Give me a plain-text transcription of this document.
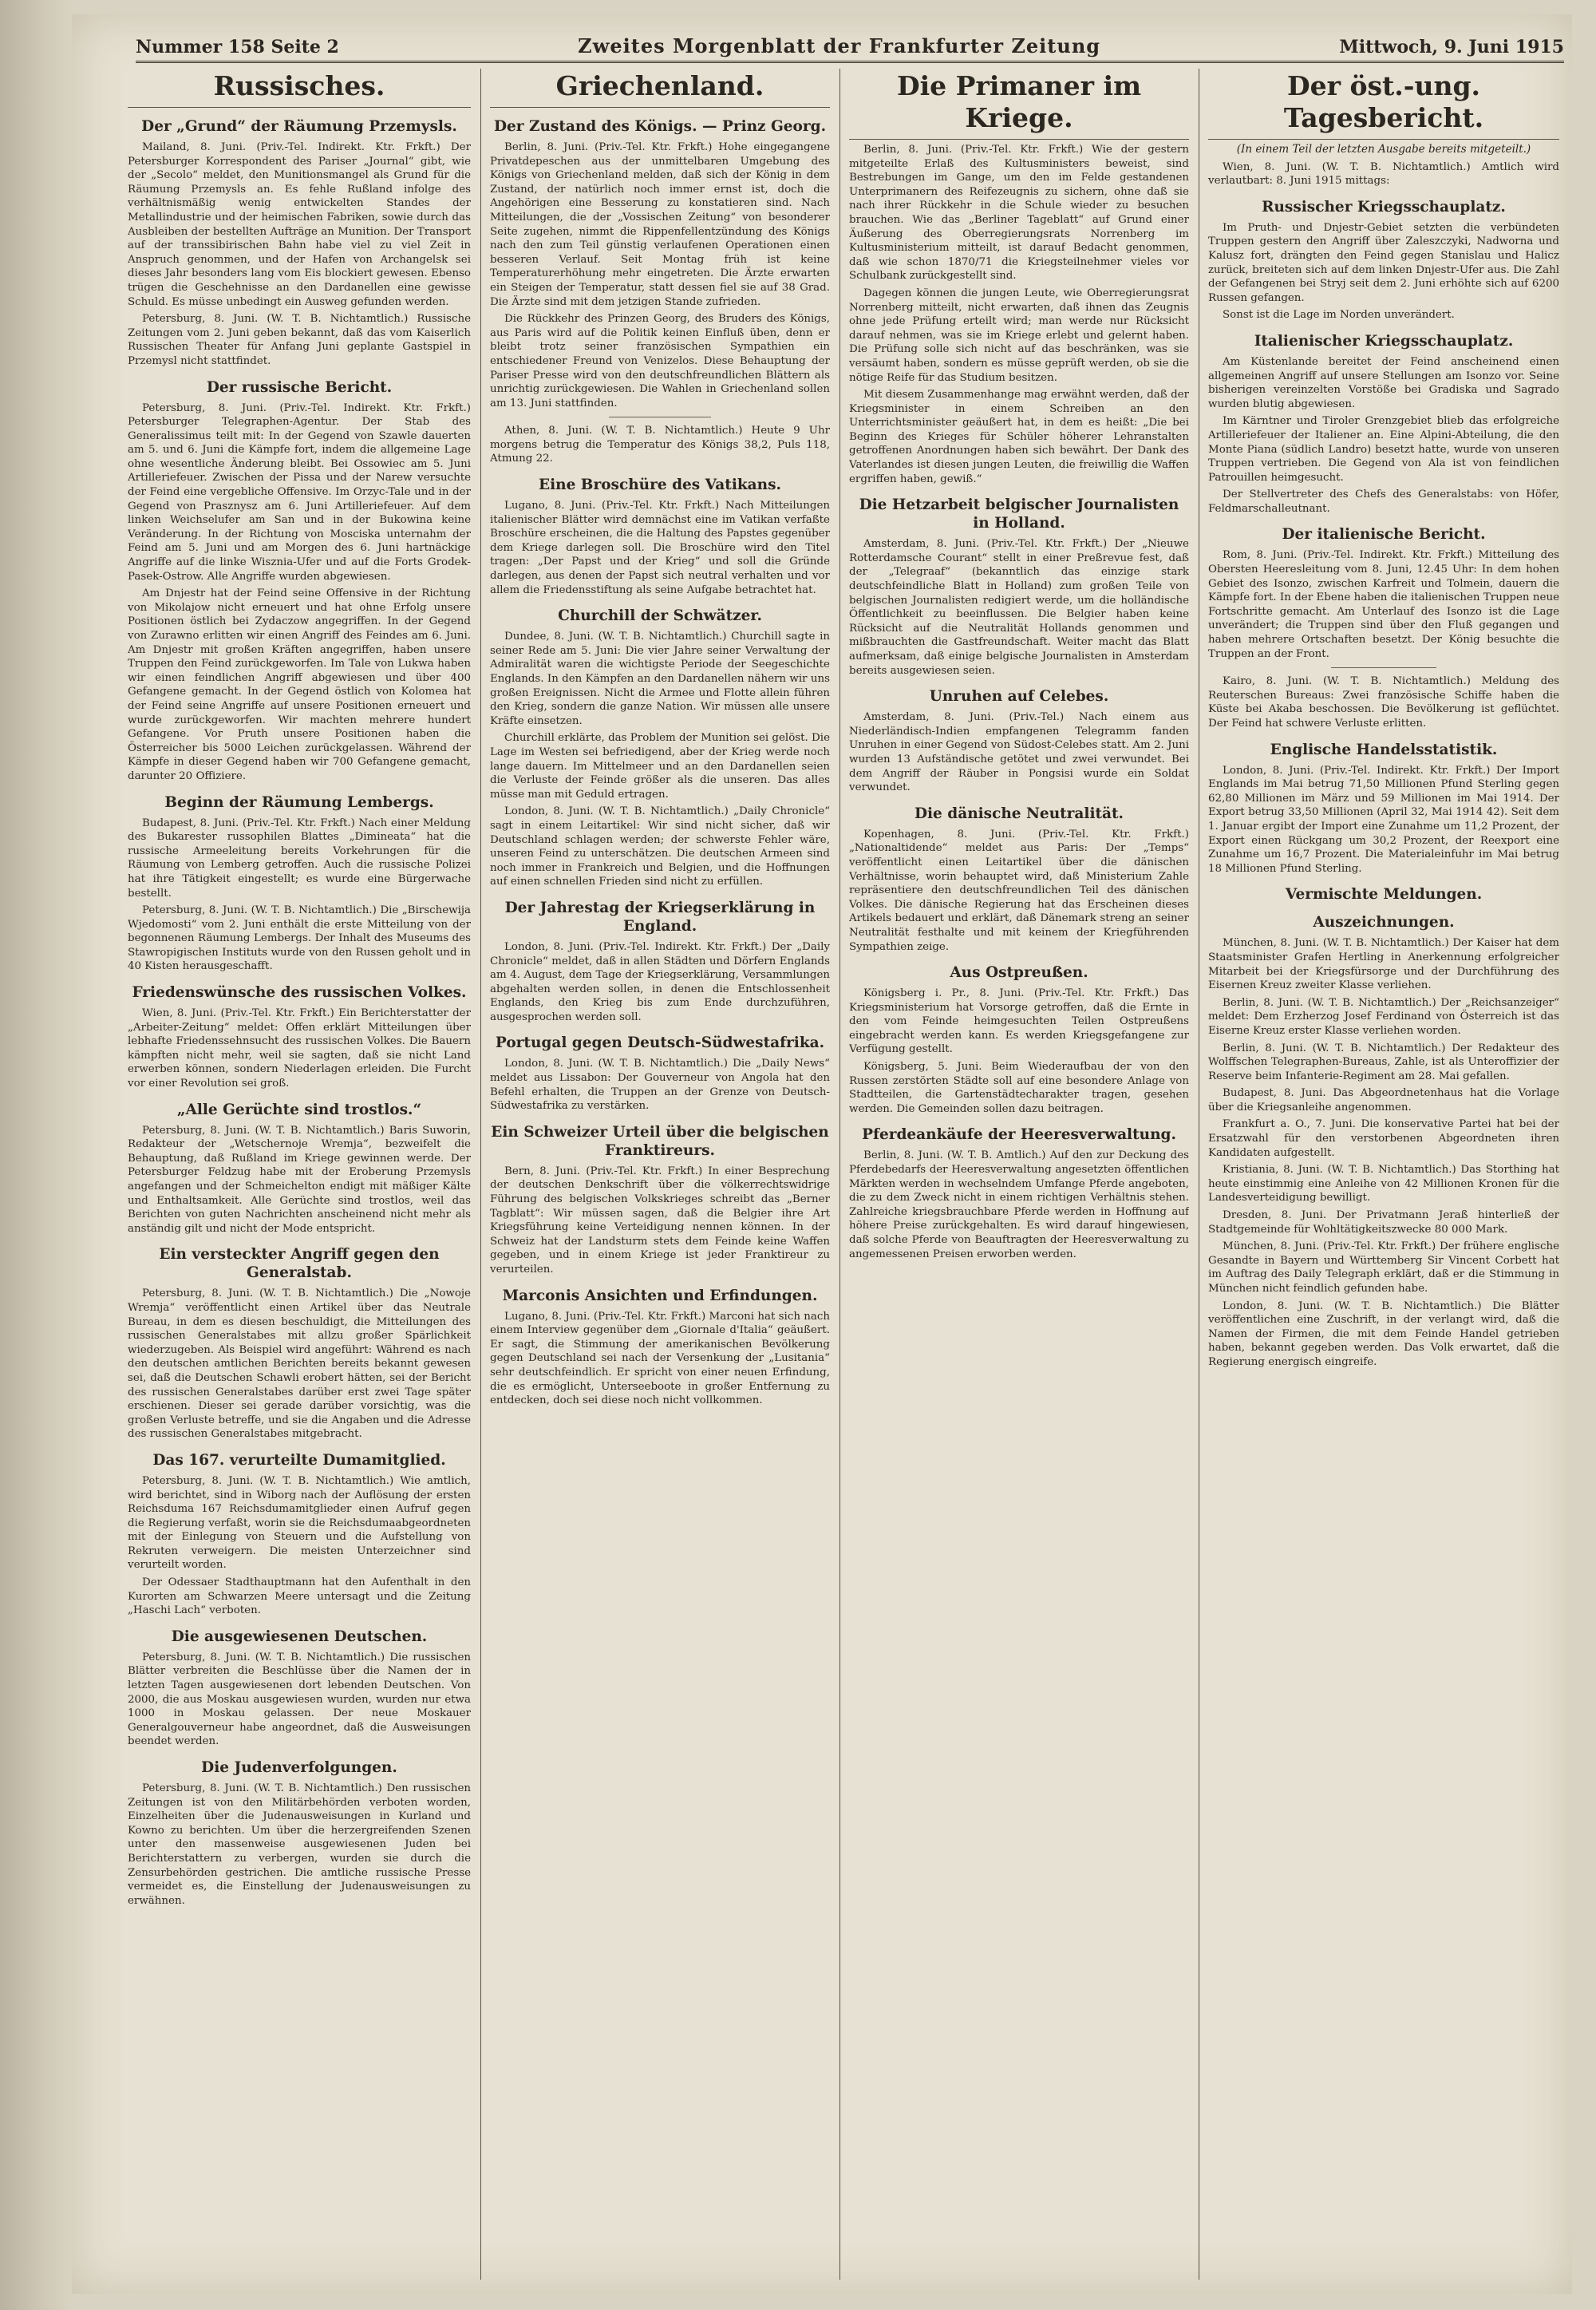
Nummer 158 Seite 2	Zweites Morgenblatt der Frankfurter Zeitung	Mittwoch, 9. Juni 1915
Russisches.
Der „Grund“ der Räumung Przemysls.

Mailand, 8. Juni. (Priv.-Tel. Indirekt. Ktr. Frkft.) Der Petersburger Korrespondent des Pariser „Journal“ gibt, wie der „Secolo“ meldet, den Munitionsmangel als Grund für die Räumung Przemysls an. Es fehle Rußland infolge des verhältnismäßig wenig entwickelten Standes der Metallindustrie und der heimischen Fabriken, sowie durch das Ausbleiben der bestellten Aufträge an Munition. Der Transport auf der transsibirischen Bahn habe viel zu viel Zeit in Anspruch genommen, und der Hafen von Archangelsk sei dieses Jahr besonders lang vom Eis blockiert gewesen. Ebenso trügen die Geschehnisse an den Dardanellen eine gewisse Schuld. Es müsse unbedingt ein Ausweg gefunden werden.

Petersburg, 8. Juni. (W. T. B. Nichtamtlich.) Russische Zeitungen vom 2. Juni geben bekannt, daß das vom Kaiserlich Russischen Theater für Anfang Juni geplante Gastspiel in Przemysl nicht stattfindet.

Der russische Bericht.

Petersburg, 8. Juni. (Priv.-Tel. Indirekt. Ktr. Frkft.) Petersburger Telegraphen-Agentur. Der Stab des Generalissimus teilt mit: In der Gegend von Szawle dauerten am 5. und 6. Juni die Kämpfe fort, indem die allgemeine Lage ohne wesentliche Änderung bleibt. Bei Ossowiec am 5. Juni Artilleriefeuer. Zwischen der Pissa und der Narew versuchte der Feind eine vergebliche Offensive. Im Orzyc-Tale und in der Gegend von Prasznysz am 6. Juni Artilleriefeuer. Auf dem linken Weichselufer am San und in der Bukowina keine Veränderung. In der Richtung von Mosciska unternahm der Feind am 5. Juni und am Morgen des 6. Juni hartnäckige Angriffe auf die linke Wisznia-Ufer und auf die Forts Grodek-Pasek-Ostrow. Alle Angriffe wurden abgewiesen.

Am Dnjestr hat der Feind seine Offensive in der Richtung von Mikolajow nicht erneuert und hat ohne Erfolg unsere Positionen östlich bei Zydaczow angegriffen. In der Gegend von Zurawno erlitten wir einen Angriff des Feindes am 6. Juni. Am Dnjestr mit großen Kräften angegriffen, haben unsere Truppen den Feind zurückgeworfen. Im Tale von Lukwa haben wir einen feindlichen Angriff abgewiesen und über 400 Gefangene gemacht. In der Gegend östlich von Kolomea hat der Feind seine Angriffe auf unsere Positionen erneuert und wurde zurückgeworfen. Wir machten mehrere hundert Gefangene. Vor Pruth unsere Positionen haben die Österreicher bis 5000 Leichen zurückgelassen. Während der Kämpfe in dieser Gegend haben wir 700 Gefangene gemacht, darunter 20 Offiziere.

Beginn der Räumung Lembergs.

Budapest, 8. Juni. (Priv.-Tel. Ktr. Frkft.) Nach einer Meldung des Bukarester russophilen Blattes „Dimineata“ hat die russische Armeeleitung bereits Vorkehrungen für die Räumung von Lemberg getroffen. Auch die russische Polizei hat ihre Tätigkeit eingestellt; es wurde eine Bürgerwache bestellt.

Petersburg, 8. Juni. (W. T. B. Nichtamtlich.) Die „Birschewija Wjedomosti“ vom 2. Juni enthält die erste Mitteilung von der begonnenen Räumung Lembergs. Der Inhalt des Museums des Stawropigischen Instituts wurde von den Russen geholt und in 40 Kisten herausgeschafft.

Friedenswünsche des russischen Volkes.

Wien, 8. Juni. (Priv.-Tel. Ktr. Frkft.) Ein Berichterstatter der „Arbeiter-Zeitung“ meldet: Offen erklärt Mitteilungen über lebhafte Friedenssehnsucht des russischen Volkes. Die Bauern kämpften nicht mehr, weil sie sagten, daß sie nicht Land erwerben können, sondern Niederlagen erleiden. Die Furcht vor einer Revolution sei groß.

„Alle Gerüchte sind trostlos.“

Petersburg, 8. Juni. (W. T. B. Nichtamtlich.) Baris Suworin, Redakteur der „Wetschernoje Wremja“, bezweifelt die Behauptung, daß Rußland im Kriege gewinnen werde. Der Petersburger Feldzug habe mit der Eroberung Przemysls angefangen und der Schmeichelton endigt mit mäßiger Kälte und Enthaltsamkeit. Alle Gerüchte sind trostlos, weil das Berichten von guten Nachrichten anscheinend nicht mehr als anständig gilt und nicht der Mode entspricht.

Ein versteckter Angriff gegen den Generalstab.

Petersburg, 8. Juni. (W. T. B. Nichtamtlich.) Die „Nowoje Wremja“ veröffentlicht einen Artikel über das Neutrale Bureau, in dem es diesen beschuldigt, die Mitteilungen des russischen Generalstabes mit allzu großer Spärlichkeit wiederzugeben. Als Beispiel wird angeführt: Während es nach den deutschen amtlichen Berichten bereits bekannt gewesen sei, daß die Deutschen Schawli erobert hätten, sei der Bericht des russischen Generalstabes darüber erst zwei Tage später erschienen. Dieser sei gerade darüber vorsichtig, was die großen Verluste betreffe, und sie die Angaben und die Adresse des russischen Generalstabes mitgebracht.

Das 167. verurteilte Dumamitglied.

Petersburg, 8. Juni. (W. T. B. Nichtamtlich.) Wie amtlich, wird berichtet, sind in Wiborg nach der Auflösung der ersten Reichsduma 167 Reichsdumamitglieder einen Aufruf gegen die Regierung verfaßt, worin sie die Reichsdumaabgeordneten mit der Einlegung von Steuern und die Aufstellung von Rekruten verweigern. Die meisten Unterzeichner sind verurteilt worden.

Der Odessaer Stadthauptmann hat den Aufenthalt in den Kurorten am Schwarzen Meere untersagt und die Zeitung „Haschi Lach“ verboten.

Die ausgewiesenen Deutschen.

Petersburg, 8. Juni. (W. T. B. Nichtamtlich.) Die russischen Blätter verbreiten die Beschlüsse über die Namen der in letzten Tagen ausgewiesenen dort lebenden Deutschen. Von 2000, die aus Moskau ausgewiesen wurden, wurden nur etwa 1000 in Moskau gelassen. Der neue Moskauer Generalgouverneur habe angeordnet, daß die Ausweisungen beendet werden.

Die Judenverfolgungen.

Petersburg, 8. Juni. (W. T. B. Nichtamtlich.) Den russischen Zeitungen ist von den Militärbehörden verboten worden, Einzelheiten über die Judenausweisungen in Kurland und Kowno zu berichten. Um über die herzergreifenden Szenen unter den massenweise ausgewiesenen Juden bei Berichterstattern zu verbergen, wurden sie durch die Zensurbehörden gestrichen. Die amtliche russische Presse vermeidet es, die Einstellung der Judenausweisungen zu erwähnen.

Griechenland.
Der Zustand des Königs. — Prinz Georg.

Berlin, 8. Juni. (Priv.-Tel. Ktr. Frkft.) Hohe eingegangene Privatdepeschen aus der unmittelbaren Umgebung des Königs von Griechenland melden, daß sich der König in dem Zustand, der natürlich noch immer ernst ist, doch die Angehörigen eine Besserung zu konstatieren sind. Nach Mitteilungen, die der „Vossischen Zeitung“ von besonderer Seite zugehen, nimmt die Rippenfellentzündung des Königs nach den zum Teil günstig verlaufenen Operationen einen besseren Verlauf. Seit Montag früh ist keine Temperaturerhöhung mehr eingetreten. Die Ärzte erwarten ein Steigen der Temperatur, statt dessen fiel sie auf 38 Grad. Die Ärzte sind mit dem jetzigen Stande zufrieden.

Die Rückkehr des Prinzen Georg, des Bruders des Königs, aus Paris wird auf die Politik keinen Einfluß üben, denn er bleibt trotz seiner französischen Sympathien ein entschiedener Freund von Venizelos. Diese Behauptung der Pariser Presse wird von den deutschfreundlichen Blättern als unrichtig zurückgewiesen. Die Wahlen in Griechenland sollen am 13. Juni stattfinden.

Athen, 8. Juni. (W. T. B. Nichtamtlich.) Heute 9 Uhr morgens betrug die Temperatur des Königs 38,2, Puls 118, Atmung 22.

Eine Broschüre des Vatikans.

Lugano, 8. Juni. (Priv.-Tel. Ktr. Frkft.) Nach Mitteilungen italienischer Blätter wird demnächst eine im Vatikan verfaßte Broschüre erscheinen, die die Haltung des Papstes gegenüber dem Kriege darlegen soll. Die Broschüre wird den Titel tragen: „Der Papst und der Krieg“ und soll die Gründe darlegen, aus denen der Papst sich neutral verhalten und vor allem die Friedensstiftung als seine Aufgabe betrachtet hat.

Churchill der Schwätzer.

Dundee, 8. Juni. (W. T. B. Nichtamtlich.) Churchill sagte in seiner Rede am 5. Juni: Die vier Jahre seiner Verwaltung der Admiralität waren die wichtigste Periode der Seegeschichte Englands. In den Kämpfen an den Dardanellen nähern wir uns großen Ereignissen. Nicht die Armee und Flotte allein führen den Krieg, sondern die ganze Nation. Wir müssen alle unsere Kräfte einsetzen.

Churchill erklärte, das Problem der Munition sei gelöst. Die Lage im Westen sei befriedigend, aber der Krieg werde noch lange dauern. Im Mittelmeer und an den Dardanellen seien die Verluste der Feinde größer als die unseren. Das alles müsse man mit Geduld ertragen.

London, 8. Juni. (W. T. B. Nichtamtlich.) „Daily Chronicle“ sagt in einem Leitartikel: Wir sind nicht sicher, daß wir Deutschland schlagen werden; der schwerste Fehler wäre, unseren Feind zu unterschätzen. Die deutschen Armeen sind noch immer in Frankreich und Belgien, und die Hoffnungen auf einen schnellen Frieden sind nicht zu erfüllen.

Der Jahrestag der Kriegserklärung in England.

London, 8. Juni. (Priv.-Tel. Indirekt. Ktr. Frkft.) Der „Daily Chronicle“ meldet, daß in allen Städten und Dörfern Englands am 4. August, dem Tage der Kriegserklärung, Versammlungen abgehalten werden sollen, in denen die Entschlossenheit Englands, den Krieg bis zum Ende durchzuführen, ausgesprochen werden soll.

Portugal gegen Deutsch-Südwestafrika.

London, 8. Juni. (W. T. B. Nichtamtlich.) Die „Daily News“ meldet aus Lissabon: Der Gouverneur von Angola hat den Befehl erhalten, die Truppen an der Grenze von Deutsch-Südwestafrika zu verstärken.

Ein Schweizer Urteil über die belgischen Franktireurs.

Bern, 8. Juni. (Priv.-Tel. Ktr. Frkft.) In einer Besprechung der deutschen Denkschrift über die völkerrechtswidrige Führung des belgischen Volkskrieges schreibt das „Berner Tagblatt“: Wir müssen sagen, daß die Belgier ihre Art Kriegsführung keine Verteidigung nennen können. In der Schweiz hat der Landsturm stets dem Feinde keine Waffen gegeben, und in einem Kriege ist jeder Franktireur zu verurteilen.

Marconis Ansichten und Erfindungen.

Lugano, 8. Juni. (Priv.-Tel. Ktr. Frkft.) Marconi hat sich nach einem Interview gegenüber dem „Giornale d'Italia“ geäußert. Er sagt, die Stimmung der amerikanischen Bevölkerung gegen Deutschland sei nach der Versenkung der „Lusitania“ sehr deutschfeindlich. Er spricht von einer neuen Erfindung, die es ermöglicht, Unterseeboote in großer Entfernung zu entdecken, doch sei diese noch nicht vollkommen.

Die Primaner im Kriege.

Berlin, 8. Juni. (Priv.-Tel. Ktr. Frkft.) Wie der gestern mitgeteilte Erlaß des Kultusministers beweist, sind Bestrebungen im Gange, um den im Felde gestandenen Unterprimanern des Reifezeugnis zu sichern, ohne daß sie nach ihrer Rückkehr in die Schule wieder zu besuchen brauchen. Wie das „Berliner Tageblatt“ auf Grund einer Äußerung des Oberregierungsrats Norrenberg im Kultusministerium mitteilt, ist darauf Bedacht genommen, daß wie schon 1870/71 die Kriegsteilnehmer vieles vor Schulbank zurückgestellt sind.

Dagegen können die jungen Leute, wie Oberregierungsrat Norrenberg mitteilt, nicht erwarten, daß ihnen das Zeugnis ohne jede Prüfung erteilt wird; man werde nur Rücksicht darauf nehmen, was sie im Kriege erlebt und gelernt haben. Die Prüfung solle sich nicht auf das beschränken, was sie versäumt haben, sondern es müsse geprüft werden, ob sie die nötige Reife für das Studium besitzen.

Mit diesem Zusammenhange mag erwähnt werden, daß der Kriegsminister in einem Schreiben an den Unterrichtsminister geäußert hat, in dem es heißt: „Die bei Beginn des Krieges für Schüler höherer Lehranstalten getroffenen Anordnungen haben sich bewährt. Der Dank des Vaterlandes ist diesen jungen Leuten, die freiwillig die Waffen ergriffen haben, gewiß.“

Die Hetzarbeit belgischer Journalisten in Holland.

Amsterdam, 8. Juni. (Priv.-Tel. Ktr. Frkft.) Der „Nieuwe Rotterdamsche Courant“ stellt in einer Preßrevue fest, daß der „Telegraaf“ (bekanntlich das einzige stark deutschfeindliche Blatt in Holland) zum großen Teile von belgischen Journalisten redigiert werde, um die holländische Öffentlichkeit zu beeinflussen. Die Belgier haben keine Rücksicht auf die Neutralität Hollands genommen und mißbrauchten die Gastfreundschaft. Weiter macht das Blatt aufmerksam, daß einige belgische Journalisten in Amsterdam bereits ausgewiesen seien.

Unruhen auf Celebes.

Amsterdam, 8. Juni. (Priv.-Tel.) Nach einem aus Niederländisch-Indien empfangenen Telegramm fanden Unruhen in einer Gegend von Südost-Celebes statt. Am 2. Juni wurden 13 Aufständische getötet und zwei verwundet. Bei dem Angriff der Räuber in Pongsisi wurde ein Soldat verwundet.

Die dänische Neutralität.

Kopenhagen, 8. Juni. (Priv.-Tel. Ktr. Frkft.) „Nationaltidende“ meldet aus Paris: Der „Temps“ veröffentlicht einen Leitartikel über die dänischen Verhältnisse, worin behauptet wird, daß Ministerium Zahle repräsentiere den deutschfreundlichen Teil des dänischen Volkes. Die dänische Regierung hat das Erscheinen dieses Artikels bedauert und erklärt, daß Dänemark streng an seiner Neutralität festhalte und mit keinem der Kriegführenden Sympathien zeige.

Aus Ostpreußen.

Königsberg i. Pr., 8. Juni. (Priv.-Tel. Ktr. Frkft.) Das Kriegsministerium hat Vorsorge getroffen, daß die Ernte in den vom Feinde heimgesuchten Teilen Ostpreußens eingebracht werden kann. Es werden Kriegsgefangene zur Verfügung gestellt.

Königsberg, 5. Juni. Beim Wiederaufbau der von den Russen zerstörten Städte soll auf eine besondere Anlage von Stadtteilen, die Gartenstädtecharakter tragen, gesehen werden. Die Gemeinden sollen dazu beitragen.

Pferdeankäufe der Heeresverwaltung.

Berlin, 8. Juni. (W. T. B. Amtlich.) Auf den zur Deckung des Pferdebedarfs der Heeresverwaltung angesetzten öffentlichen Märkten werden in wechselndem Umfange Pferde angeboten, die zu dem Zweck nicht in einem richtigen Verhältnis stehen. Zahlreiche kriegsbrauchbare Pferde werden in Hoffnung auf höhere Preise zurückgehalten. Es wird darauf hingewiesen, daß solche Pferde von Beauftragten der Heeresverwaltung zu angemessenen Preisen erworben werden.

Der öst.-ung. Tagesbericht.
(In einem Teil der letzten Ausgabe bereits mitgeteilt.)

Wien, 8. Juni. (W. T. B. Nichtamtlich.) Amtlich wird verlautbart: 8. Juni 1915 mittags:

Russischer Kriegsschauplatz.

Im Pruth- und Dnjestr-Gebiet setzten die verbündeten Truppen gestern den Angriff über Zaleszczyki, Nadworna und Kalusz fort, drängten den Feind gegen Stanislau und Halicz zurück, breiteten sich auf dem linken Dnjestr-Ufer aus. Die Zahl der Gefangenen bei Stryj seit dem 2. Juni erhöhte sich auf 6200 Russen gefangen.

Sonst ist die Lage im Norden unverändert.

Italienischer Kriegsschauplatz.

Am Küstenlande bereitet der Feind anscheinend einen allgemeinen Angriff auf unsere Stellungen am Isonzo vor. Seine bisherigen vereinzelten Vorstöße bei Gradiska und Sagrado wurden blutig abgewiesen.

Im Kärntner und Tiroler Grenzgebiet blieb das erfolgreiche Artilleriefeuer der Italiener an. Eine Alpini-Abteilung, die den Monte Piana (südlich Landro) besetzt hatte, wurde von unseren Truppen vertrieben. Die Gegend von Ala ist von feindlichen Patrouillen heimgesucht.

Der Stellvertreter des Chefs des Generalstabs: von Höfer, Feldmarschalleutnant.

Der italienische Bericht.

Rom, 8. Juni. (Priv.-Tel. Indirekt. Ktr. Frkft.) Mitteilung des Obersten Heeresleitung vom 8. Juni, 12.45 Uhr: In dem hohen Gebiet des Isonzo, zwischen Karfreit und Tolmein, dauern die Kämpfe fort. In der Ebene haben die italienischen Truppen neue Fortschritte gemacht. Am Unterlauf des Isonzo ist die Lage unverändert; die Truppen sind über den Fluß gegangen und haben mehrere Ortschaften besetzt. Der König besuchte die Truppen an der Front.

Kairo, 8. Juni. (W. T. B. Nichtamtlich.) Meldung des Reuterschen Bureaus: Zwei französische Schiffe haben die Küste bei Akaba beschossen. Die Bevölkerung ist geflüchtet. Der Feind hat schwere Verluste erlitten.

Englische Handelsstatistik.

London, 8. Juni. (Priv.-Tel. Indirekt. Ktr. Frkft.) Der Import Englands im Mai betrug 71,50 Millionen Pfund Sterling gegen 62,80 Millionen im März und 59 Millionen im Mai 1914. Der Export betrug 33,50 Millionen (April 32, Mai 1914 42). Seit dem 1. Januar ergibt der Import eine Zunahme um 11,2 Prozent, der Export einen Rückgang um 30,2 Prozent, der Reexport eine Zunahme um 16,7 Prozent. Die Materialeinfuhr im Mai betrug 18 Millionen Pfund Sterling.

Vermischte Meldungen.
Auszeichnungen.

München, 8. Juni. (W. T. B. Nichtamtlich.) Der Kaiser hat dem Staatsminister Grafen Hertling in Anerkennung erfolgreicher Mitarbeit bei der Kriegsfürsorge und der Durchführung des Eisernen Kreuz zweiter Klasse verliehen.

Berlin, 8. Juni. (W. T. B. Nichtamtlich.) Der „Reichsanzeiger“ meldet: Dem Erzherzog Josef Ferdinand von Österreich ist das Eiserne Kreuz erster Klasse verliehen worden.

Berlin, 8. Juni. (W. T. B. Nichtamtlich.) Der Redakteur des Wolffschen Telegraphen-Bureaus, Zahle, ist als Unteroffizier der Reserve beim Infanterie-Regiment am 28. Mai gefallen.

Budapest, 8. Juni. Das Abgeordnetenhaus hat die Vorlage über die Kriegsanleihe angenommen.

Frankfurt a. O., 7. Juni. Die konservative Partei hat bei der Ersatzwahl für den verstorbenen Abgeordneten ihren Kandidaten aufgestellt.

Kristiania, 8. Juni. (W. T. B. Nichtamtlich.) Das Storthing hat heute einstimmig eine Anleihe von 42 Millionen Kronen für die Landesverteidigung bewilligt.

Dresden, 8. Juni. Der Privatmann Jeraß hinterließ der Stadtgemeinde für Wohltätigkeitszwecke 80 000 Mark.

München, 8. Juni. (Priv.-Tel. Ktr. Frkft.) Der frühere englische Gesandte in Bayern und Württemberg Sir Vincent Corbett hat im Auftrag des Daily Telegraph erklärt, daß er die Stimmung in München nicht feindlich gefunden habe.

London, 8. Juni. (W. T. B. Nichtamtlich.) Die Blätter veröffentlichen eine Zuschrift, in der verlangt wird, daß die Namen der Firmen, die mit dem Feinde Handel getrieben haben, bekannt gegeben werden. Das Volk erwartet, daß die Regierung energisch eingreife.
